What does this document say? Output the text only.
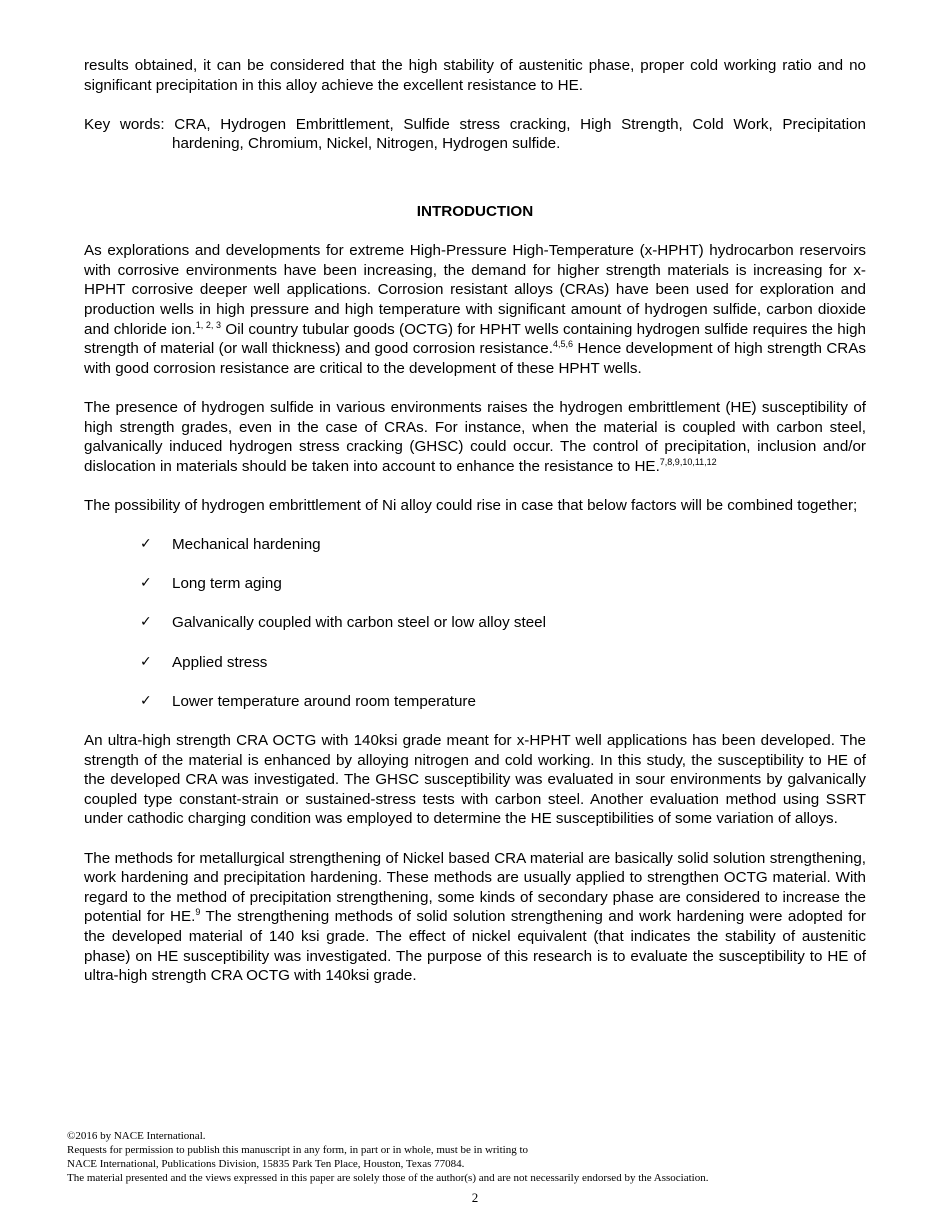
results obtained, it can be considered that the high stability of austenitic phase, proper cold working ratio and no significant precipitation in this alloy achieve the excellent resistance to HE.

Key words: CRA, Hydrogen Embrittlement, Sulfide stress cracking, High Strength, Cold Work, Precipitation hardening, Chromium, Nickel, Nitrogen, Hydrogen sulfide.

INTRODUCTION

As explorations and developments for extreme High-Pressure High-Temperature (x-HPHT) hydrocarbon reservoirs with corrosive environments have been increasing, the demand for higher strength materials is increasing for x-HPHT corrosive deeper well applications. Corrosion resistant alloys (CRAs) have been used for exploration and production wells in high pressure and high temperature with significant amount of hydrogen sulfide, carbon dioxide and chloride ion.$^{1, 2, 3}$ Oil country tubular goods (OCTG) for HPHT wells containing hydrogen sulfide requires the high strength of material (or wall thickness) and good corrosion resistance.$^{4,5,6}$ Hence development of high strength CRAs with good corrosion resistance are critical to the development of these HPHT wells.

The presence of hydrogen sulfide in various environments raises the hydrogen embrittlement (HE) susceptibility of high strength grades, even in the case of CRAs. For instance, when the material is coupled with carbon steel, galvanically induced hydrogen stress cracking (GHSC) could occur. The control of precipitation, inclusion and/or dislocation in materials should be taken into account to enhance the resistance to HE.$^{7,8,9,10,11,12}$

The possibility of hydrogen embrittlement of Ni alloy could rise in case that below factors will be combined together;

✓ Mechanical hardening
✓ Long term aging
✓ Galvanically coupled with carbon steel or low alloy steel
✓ Applied stress
✓ Lower temperature around room temperature

An ultra-high strength CRA OCTG with 140ksi grade meant for x-HPHT well applications has been developed. The strength of the material is enhanced by alloying nitrogen and cold working. In this study, the susceptibility to HE of the developed CRA was investigated. The GHSC susceptibility was evaluated in sour environments by galvanically coupled type constant-strain or sustained-stress tests with carbon steel. Another evaluation method using SSRT under cathodic charging condition was employed to determine the HE susceptibilities of some variation of alloys.

The methods for metallurgical strengthening of Nickel based CRA material are basically solid solution strengthening, work hardening and precipitation hardening. These methods are usually applied to strengthen OCTG material. With regard to the method of precipitation strengthening, some kinds of secondary phase are considered to increase the potential for HE.$^9$ The strengthening methods of solid solution strengthening and work hardening were adopted for the developed material of 140 ksi grade. The effect of nickel equivalent (that indicates the stability of austenitic phase) on HE susceptibility was investigated. The purpose of this research is to evaluate the susceptibility to HE of ultra-high strength CRA OCTG with 140ksi grade.

©2016 by NACE International.
Requests for permission to publish this manuscript in any form, in part or in whole, must be in writing to
NACE International, Publications Division, 15835 Park Ten Place, Houston, Texas 77084.
The material presented and the views expressed in this paper are solely those of the author(s) and are not necessarily endorsed by the Association.
2
